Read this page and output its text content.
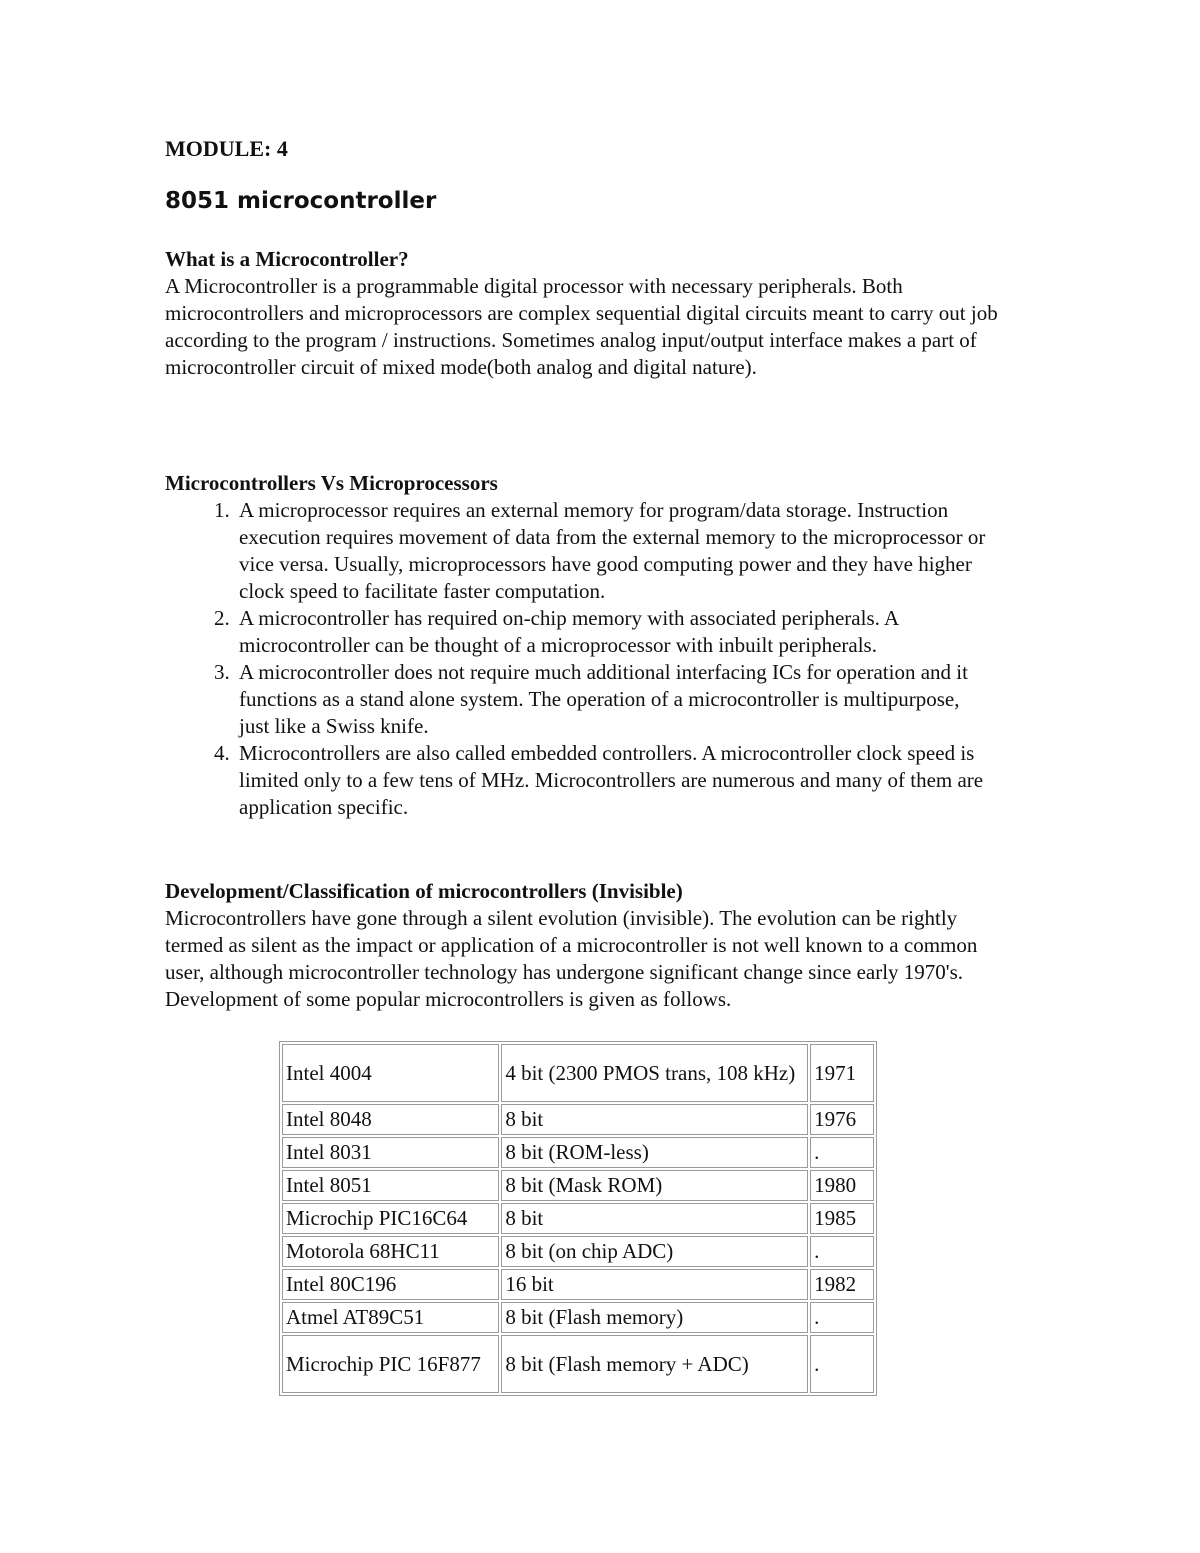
MODULE: 4
8051 microcontroller
What is a Microcontroller?

A Microcontroller is a programmable digital processor with necessary peripherals. Both microcontrollers and microprocessors are complex sequential digital circuits meant to carry out job according to the program / instructions. Sometimes analog input/output interface makes a part of microcontroller circuit of mixed mode(both analog and digital nature).

Microcontrollers Vs Microprocessors
1. A microprocessor requires an external memory for program/data storage. Instruction execution requires movement of data from the external memory to the microprocessor or vice versa. Usually, microprocessors have good computing power and they have higher clock speed to facilitate faster computation.
2. A microcontroller has required on-chip memory with associated peripherals. A microcontroller can be thought of a microprocessor with inbuilt peripherals.
3. A microcontroller does not require much additional interfacing ICs for operation and it functions as a stand alone system. The operation of a microcontroller is multipurpose, just like a Swiss knife.
4. Microcontrollers are also called embedded controllers. A microcontroller clock speed is limited only to a few tens of MHz. Microcontrollers are numerous and many of them are application specific.
Development/Classification of microcontrollers (Invisible)

Microcontrollers have gone through a silent evolution (invisible). The evolution can be rightly termed as silent as the impact or application of a microcontroller is not well known to a common user, although microcontroller technology has undergone significant change since early 1970's. Development of some popular microcontrollers is given as follows.

Intel 4004	4 bit (2300 PMOS trans, 108 kHz)	1971
Intel 8048	8 bit	1976
Intel 8031	8 bit (ROM-less)	.
Intel 8051	8 bit (Mask ROM)	1980
Microchip PIC16C64	8 bit	1985
Motorola 68HC11	8 bit (on chip ADC)	.
Intel 80C196	16 bit	1982
Atmel AT89C51	8 bit (Flash memory)	.
Microchip PIC 16F877	8 bit (Flash memory + ADC)	.
